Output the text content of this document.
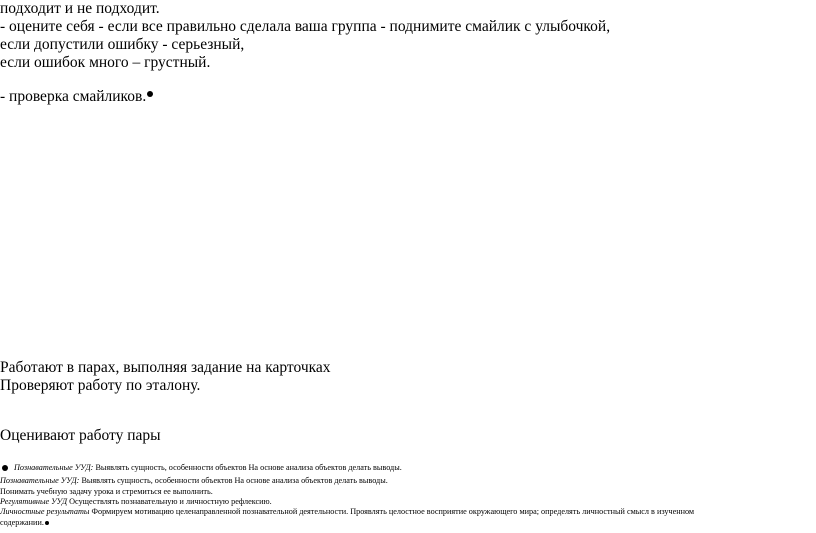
подходит и не подходит.
- оцените себя - если все правильно сделала ваша группа - поднимите смайлик с улыбочкой,
если допустили ошибку - серьезный,
если ошибок много – грустный.
- проверка смайликов.
Работают в парах, выполняя задание на карточках
Проверяют работу по эталону.
Оценивают работу пары
Познавательные УУД: Выявлять сущность, особенности объектов На основе анализа объектов делать выводы.
Познавательные УУД: Выявлять сущность, особенности объектов На основе анализа объектов делать выводы.
Понимать учебную задачу урока и стремиться ее выполнить.
Регулятивные УУД Осуществлять познавательную и личностную рефлексию.
Личностные результаты Формируем мотивацию целенаправленной познавательной деятельности. Проявлять целостное восприятие окружающего мира; определять личностный смысл в изученном
содержании.
